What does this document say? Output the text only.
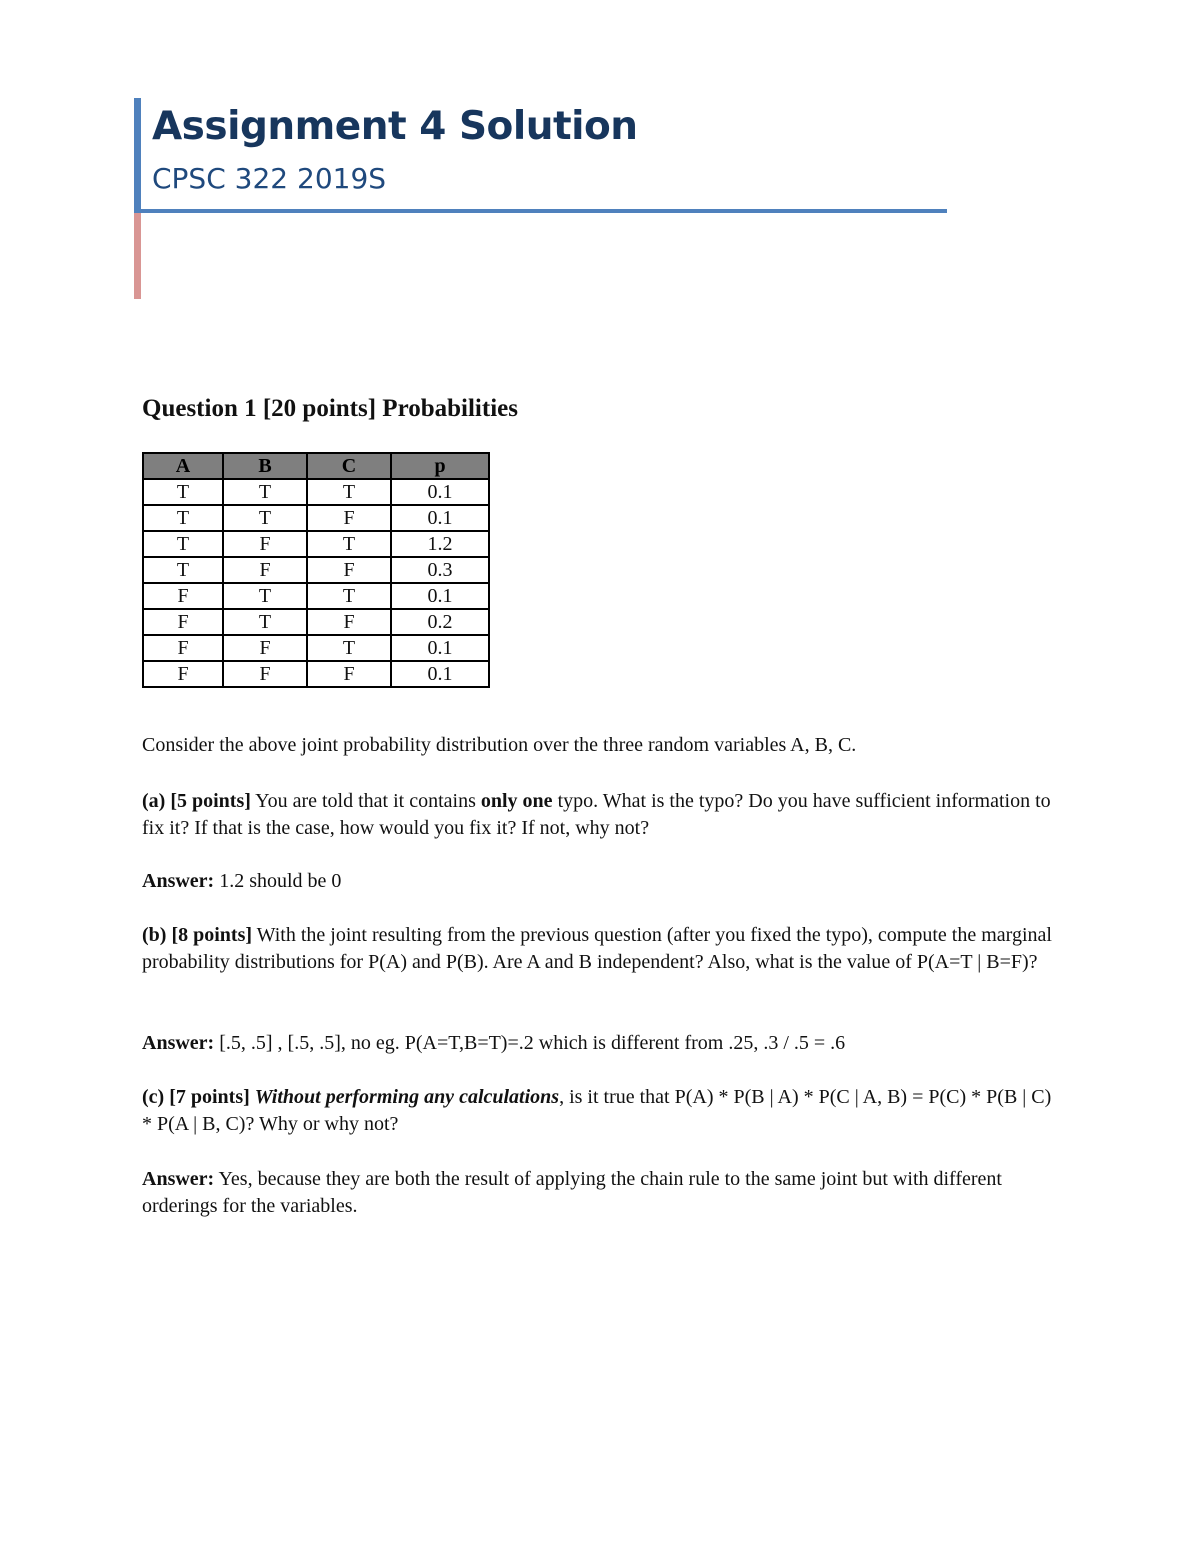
Assignment 4 Solution
CPSC 322 2019S
Question 1 [20 points] Probabilities
A	B	C	p
T	T	T	0.1
T	T	F	0.1
T	F	T	1.2
T	F	F	0.3
F	T	T	0.1
F	T	F	0.2
F	F	T	0.1
F	F	F	0.1

Consider the above joint probability distribution over the three random variables A, B, C.

(a) [5 points] You are told that it contains only one typo. What is the typo? Do you have sufficient information to fix it? If that is the case, how would you fix it? If not, why not?

Answer: 1.2 should be 0

(b) [8 points] With the joint resulting from the previous question (after you fixed the typo), compute the marginal probability distributions for P(A) and P(B). Are A and B independent? Also, what is the value of P(A=T | B=F)?

Answer: [.5, .5] , [.5, .5], no eg. P(A=T,B=T)=.2 which is different from .25, .3 / .5 = .6

(c) [7 points] Without performing any calculations, is it true that P(A) * P(B | A) * P(C | A, B) = P(C) * P(B | C) * P(A | B, C)? Why or why not?

Answer: Yes, because they are both the result of applying the chain rule to the same joint but with different orderings for the variables.
